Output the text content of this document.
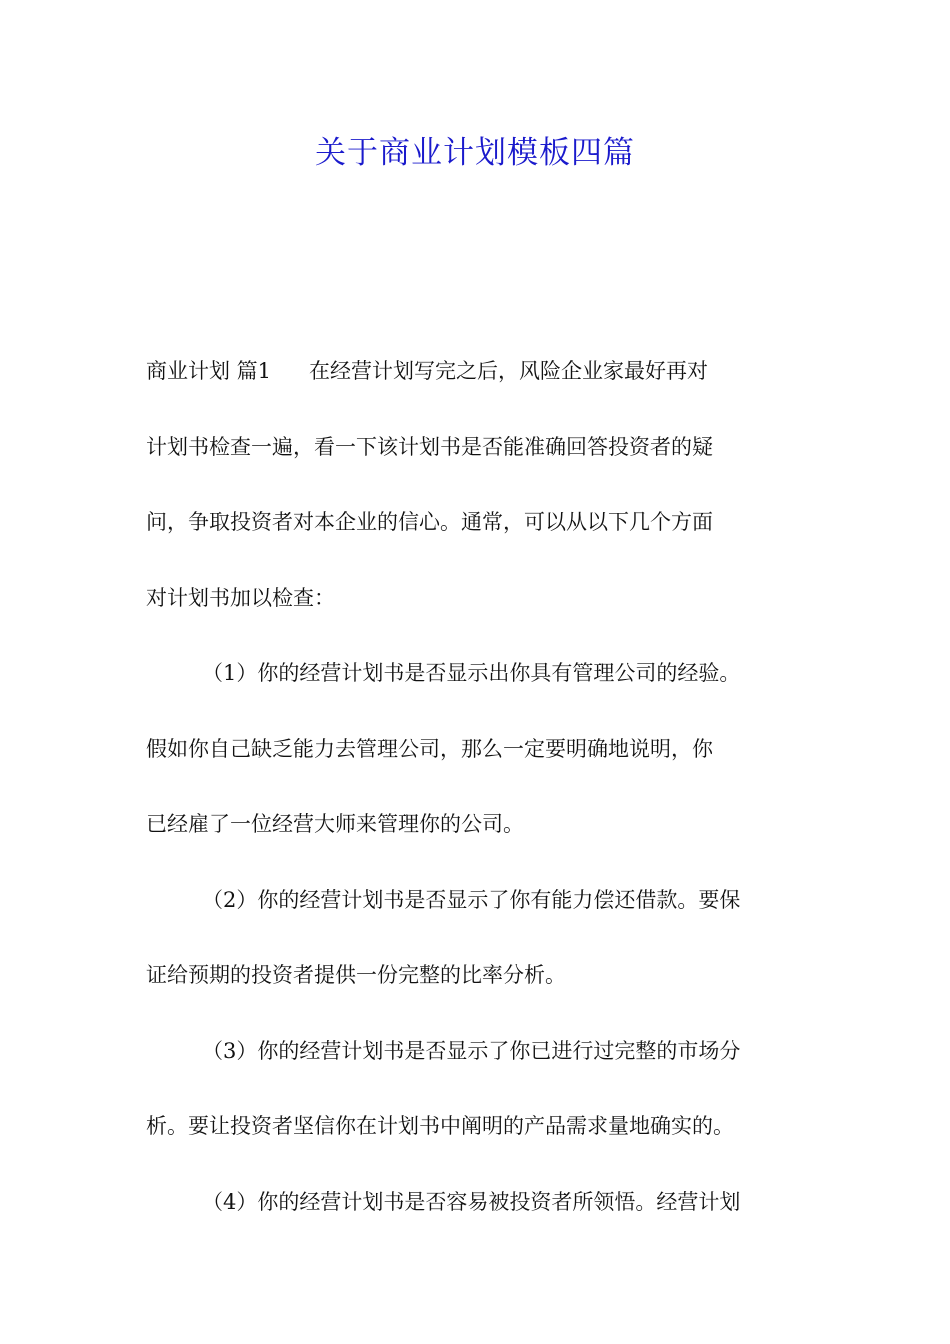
关于商业计划模板四篇
商业计划 篇1 在经营计划写完之后，风险企业家最好再对
计划书检查一遍，看一下该计划书是否能准确回答投资者的疑
问，争取投资者对本企业的信心。通常，可以从以下几个方面
对计划书加以检查：
（1）你的经营计划书是否显示出你具有管理公司的经验。
假如你自己缺乏能力去管理公司，那么一定要明确地说明，你
已经雇了一位经营大师来管理你的公司。
（2）你的经营计划书是否显示了你有能力偿还借款。要保
证给预期的投资者提供一份完整的比率分析。
（3）你的经营计划书是否显示了你已进行过完整的市场分
析。要让投资者坚信你在计划书中阐明的产品需求量地确实的。
（4）你的经营计划书是否容易被投资者所领悟。经营计划
